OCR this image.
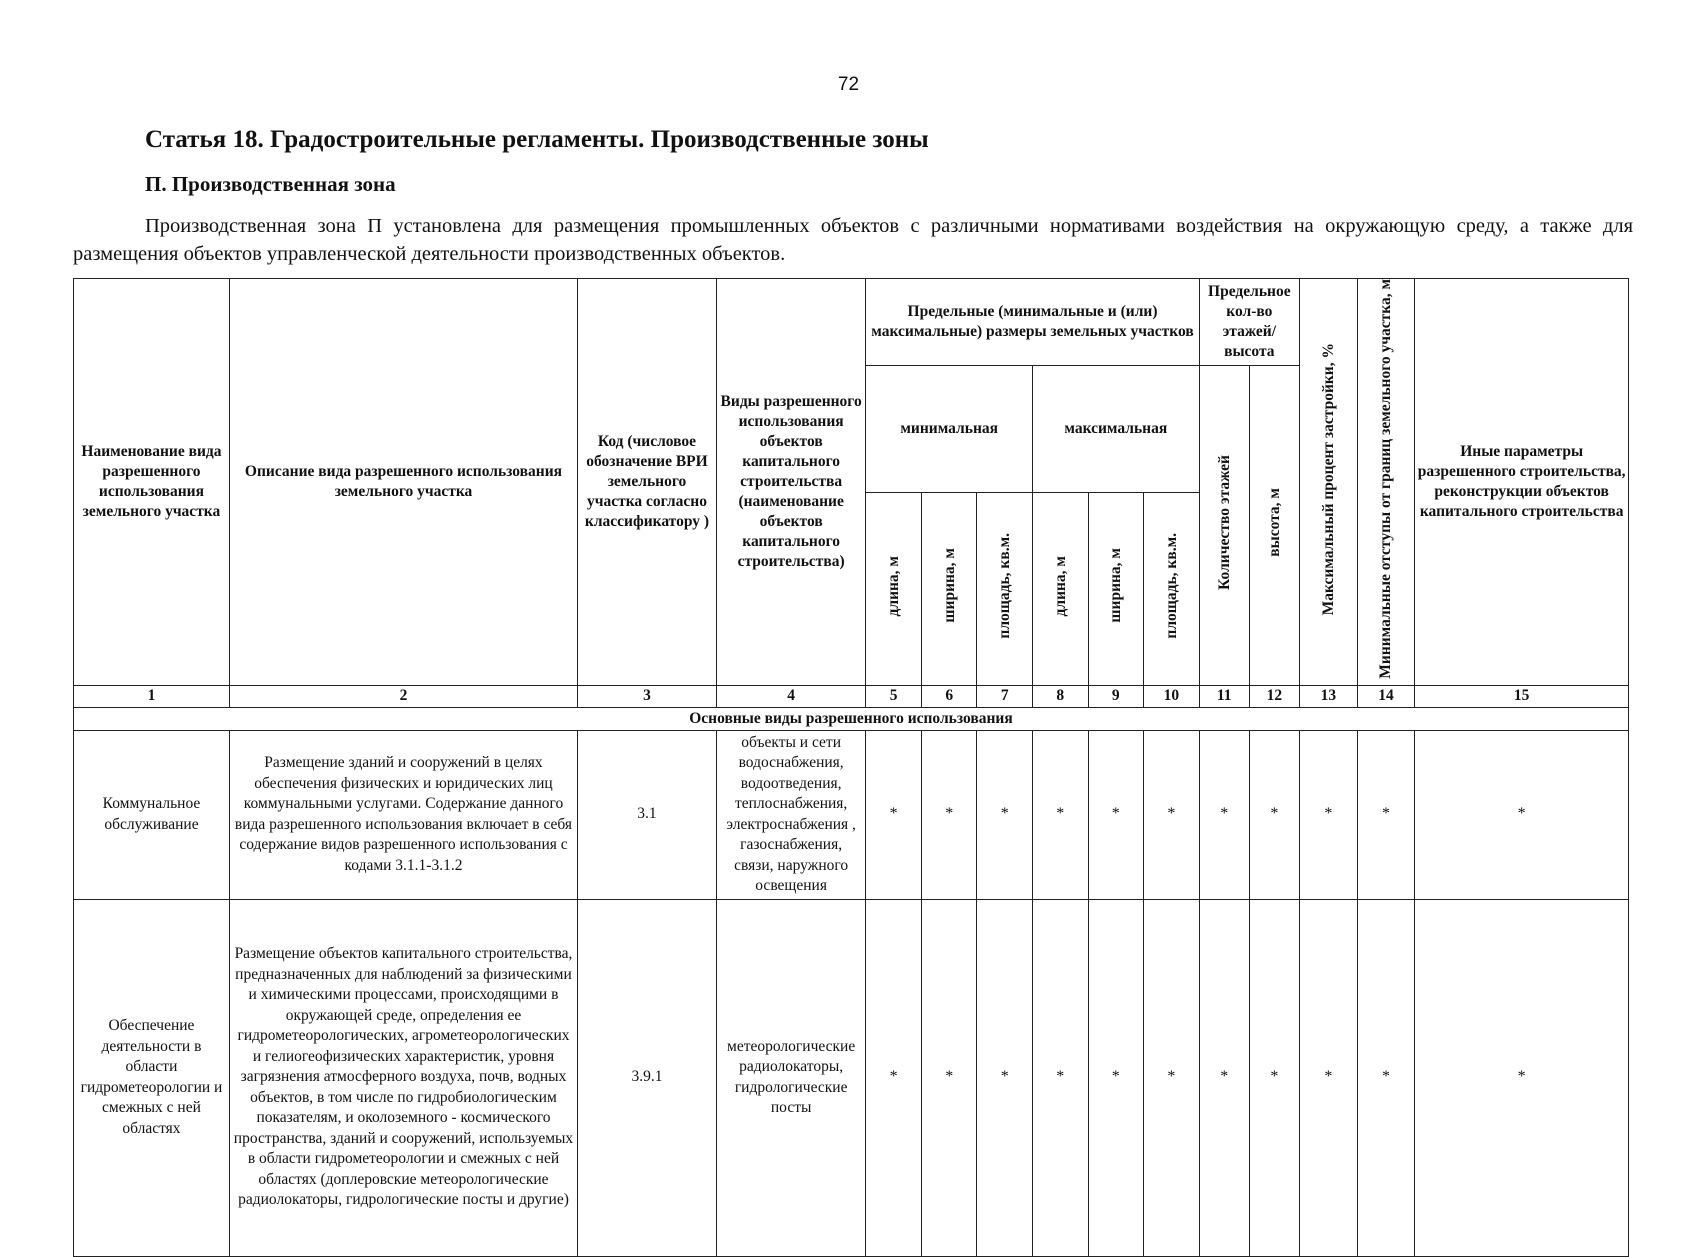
72
Статья 18. Градостроительные регламенты. Производственные зоны
П. Производственная зона

Производственная зона П установлена для размещения промышленных объектов с различными нормативами воздействия на окружающую среду, а также для размещения объектов управленческой деятельности производственных объектов.

Наименование вида разрешенного использования земельного участка	Описание вида разрешенного использования земельного участка	Код (числовое обозначение ВРИ земельного участка согласно классификатору )	Виды разрешенного использования объектов капитального строительства (наименование объектов капитального строительства)	Предельные (минимальные и (или) максимальные) размеры земельных участков						Предельное кол-во этажей/ высота		Максимальный процент застройки, %	Минимальные отступы от границ земельного участка, м	Иные параметры разрешенного строительства, реконструкции объектов капитального строительства
				минимальная			максимальная			Количество этажей	высота, м			
				длина, м	ширина, м	площадь, кв.м.	длина, м	ширина, м	площадь, кв.м.					
1	2	3	4	5	6	7	8	9	10	11	12	13	14	15
Основные виды разрешенного использования														
Коммунальное обслуживание	Размещение зданий и сооружений в целях обеспечения физических и юридических лиц коммунальными услугами. Содержание данного вида разрешенного использования включает в себя содержание видов разрешенного использования с кодами 3.1.1-3.1.2	3.1	объекты и сети водоснабжения, водоотведения, теплоснабжения, электроснабжения , газоснабжения, связи, наружного освещения	*	*	*	*	*	*	*	*	*	*	*
Обеспечение деятельности в области гидрометеорологии и смежных с ней областях	Размещение объектов капитального строительства, предназначенных для наблюдений за физическими и химическими процессами, происходящими в окружающей среде, определения ее гидрометеорологических, агрометеорологических и гелиогеофизических характеристик, уровня загрязнения атмосферного воздуха, почв, водных объектов, в том числе по гидробиологическим показателям, и околоземного - космического пространства, зданий и сооружений, используемых в области гидрометеорологии и смежных с ней областях (доплеровские метеорологические радиолокаторы, гидрологические посты и другие)	3.9.1	метеорологические радиолокаторы, гидрологические посты	*	*	*	*	*	*	*	*	*	*	*
